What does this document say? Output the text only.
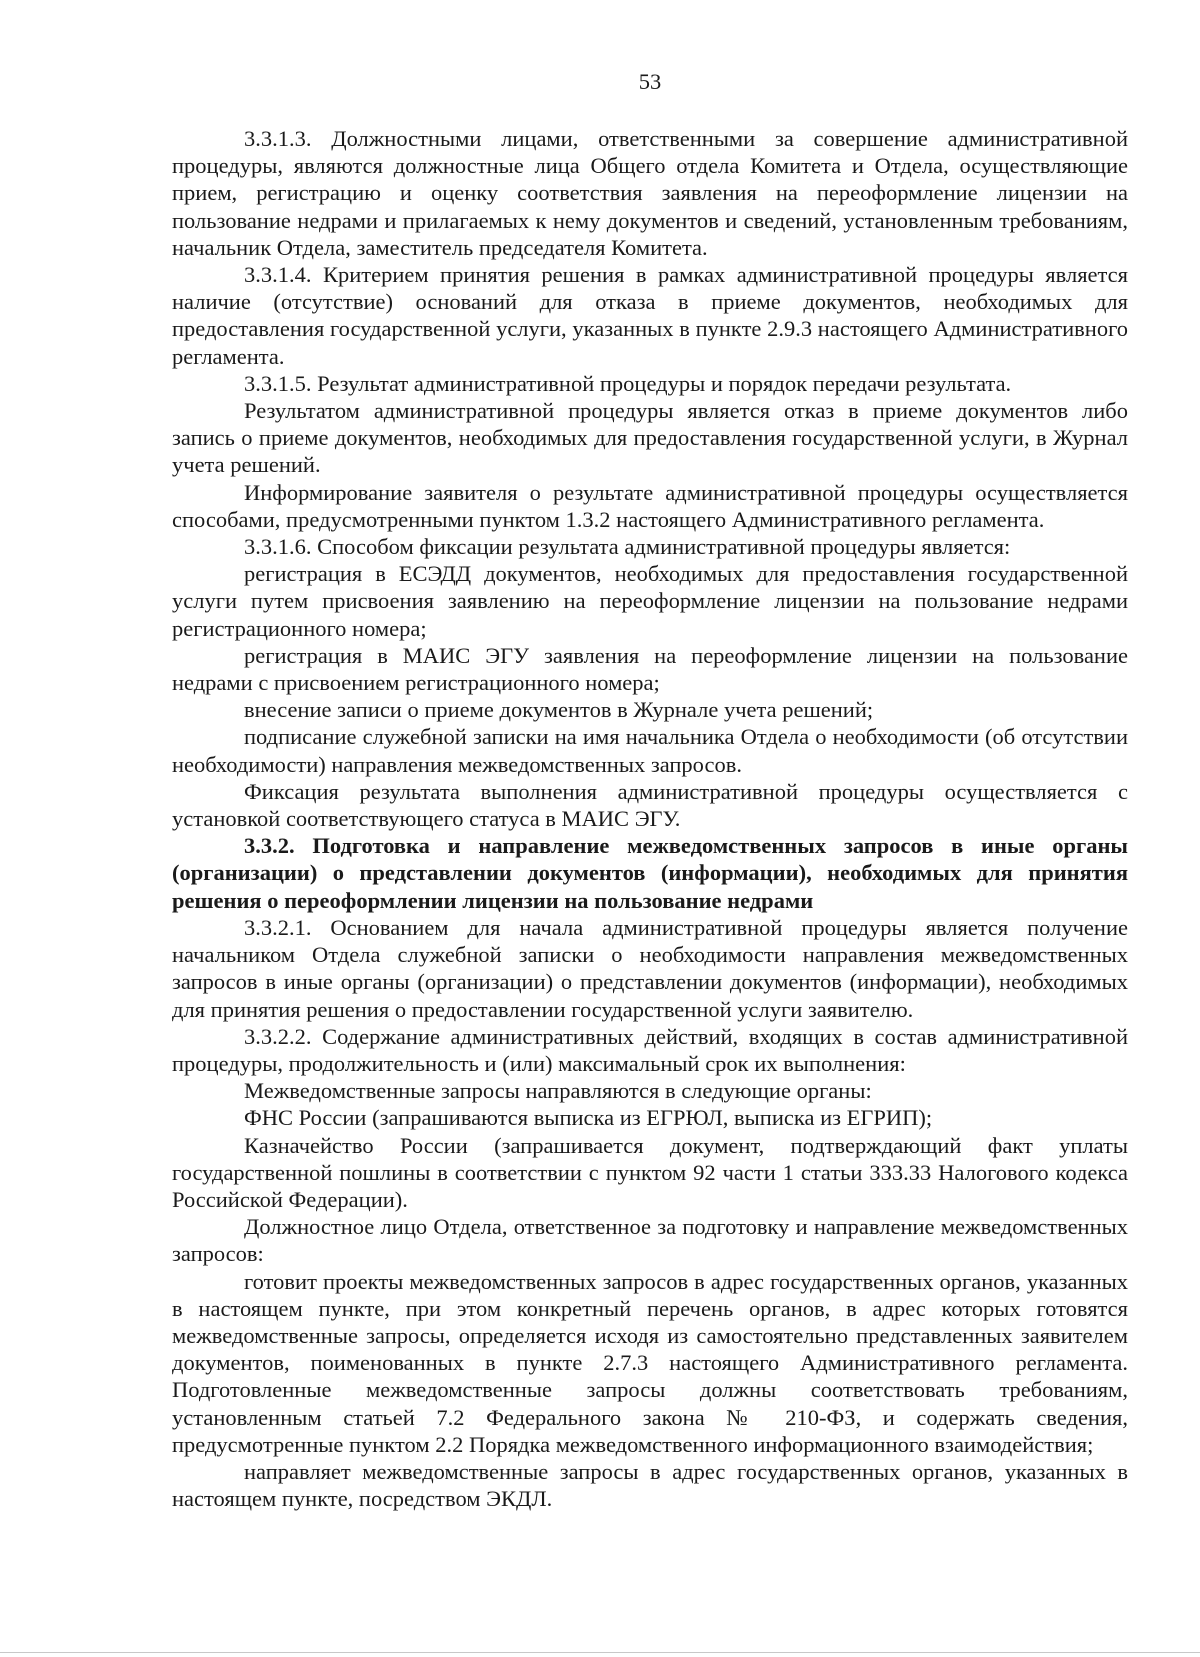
53

3.3.1.3. Должностными лицами, ответственными за совершение административной процедуры, являются должностные лица Общего отдела Комитета и Отдела, осуществляющие прием, регистрацию и оценку соответствия заявления на переоформление лицензии на пользование недрами и прилагаемых к нему документов и сведений, установленным требованиям, начальник Отдела, заместитель председателя Комитета.

3.3.1.4. Критерием принятия решения в рамках административной процедуры является наличие (отсутствие) оснований для отказа в приеме документов, необходимых для предоставления государственной услуги, указанных в пункте 2.9.3 настоящего Административного регламента.

3.3.1.5. Результат административной процедуры и порядок передачи результата.

Результатом административной процедуры является отказ в приеме документов либо запись о приеме документов, необходимых для предоставления государственной услуги, в Журнал учета решений.

Информирование заявителя о результате административной процедуры осуществляется способами, предусмотренными пунктом 1.3.2 настоящего Административного регламента.

3.3.1.6. Способом фиксации результата административной процедуры является:

регистрация в ЕСЭДД документов, необходимых для предоставления государственной услуги путем присвоения заявлению на переоформление лицензии на пользование недрами регистрационного номера;

регистрация в МАИС ЭГУ заявления на переоформление лицензии на пользование недрами с присвоением регистрационного номера;

внесение записи о приеме документов в Журнале учета решений;

подписание служебной записки на имя начальника Отдела о необходимости (об отсутствии необходимости) направления межведомственных запросов.

Фиксация результата выполнения административной процедуры осуществляется с установкой соответствующего статуса в МАИС ЭГУ.

3.3.2. Подготовка и направление межведомственных запросов в иные органы (организации) о представлении документов (информации), необходимых для принятия решения о переоформлении лицензии на пользование недрами

3.3.2.1. Основанием для начала административной процедуры является получение начальником Отдела служебной записки о необходимости направления межведомственных запросов в иные органы (организации) о представлении документов (информации), необходимых для принятия решения о предоставлении государственной услуги заявителю.

3.3.2.2. Содержание административных действий, входящих в состав административной процедуры, продолжительность и (или) максимальный срок их выполнения:

Межведомственные запросы направляются в следующие органы:

ФНС России (запрашиваются выписка из ЕГРЮЛ, выписка из ЕГРИП);

Казначейство России (запрашивается документ, подтверждающий факт уплаты государственной пошлины в соответствии с пунктом 92 части 1 статьи 333.33 Налогового кодекса Российской Федерации).

Должностное лицо Отдела, ответственное за подготовку и направление межведомственных запросов:

готовит проекты межведомственных запросов в адрес государственных органов, указанных в настоящем пункте, при этом конкретный перечень органов, в адрес которых готовятся межведомственные запросы, определяется исходя из самостоятельно представленных заявителем документов, поименованных в пункте 2.7.3 настоящего Административного регламента. Подготовленные межведомственные запросы должны соответствовать требованиям, установленным статьей 7.2 Федерального закона № 210-ФЗ, и содержать сведения, предусмотренные пунктом 2.2 Порядка межведомственного информационного взаимодействия;

направляет межведомственные запросы в адрес государственных органов, указанных в настоящем пункте, посредством ЭКДЛ.
